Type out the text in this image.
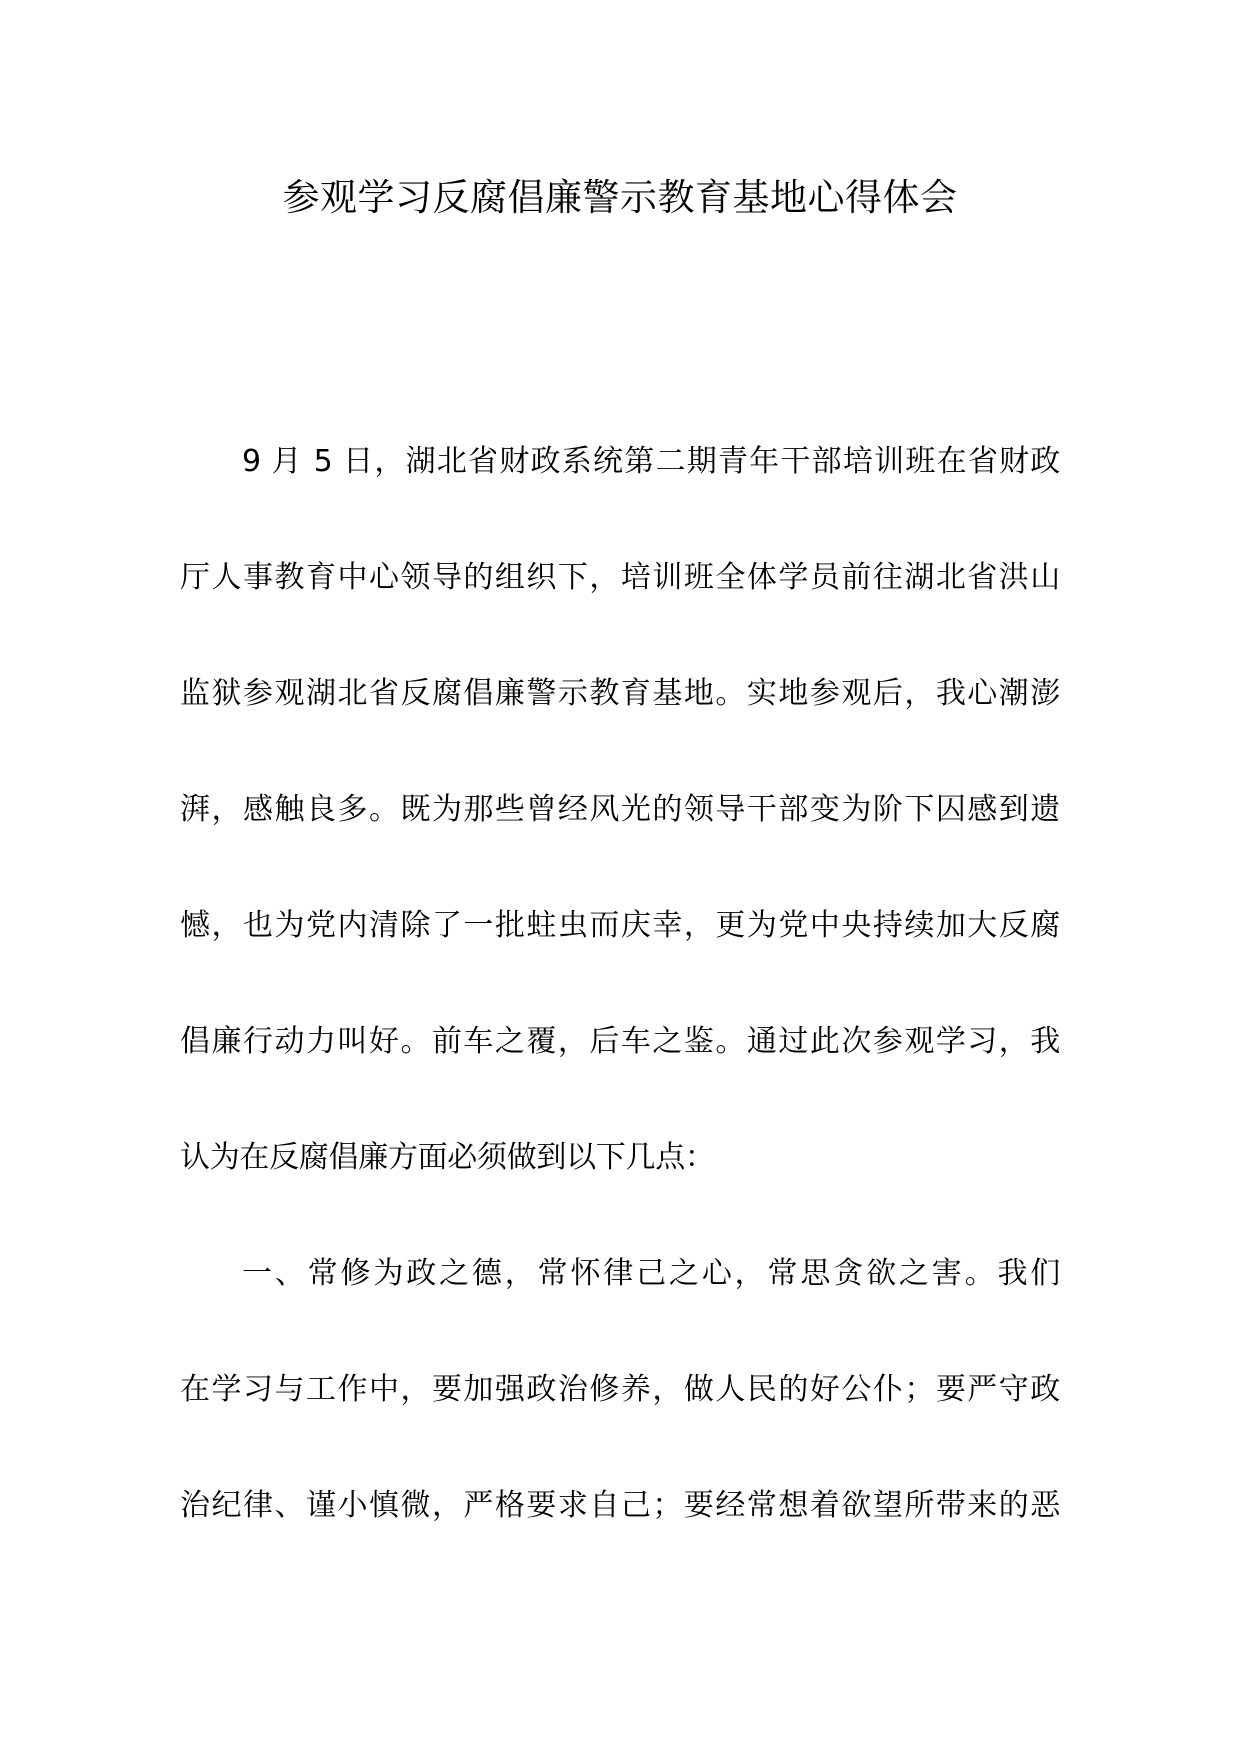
参观学习反腐倡廉警示教育基地心得体会
9 月 5 日，湖北省财政系统第二期青年干部培训班在省财政
厅人事教育中心领导的组织下，培训班全体学员前往湖北省洪山
监狱参观湖北省反腐倡廉警示教育基地。实地参观后，我心潮澎
湃，感触良多。既为那些曾经风光的领导干部变为阶下囚感到遗
憾，也为党内清除了一批蛀虫而庆幸，更为党中央持续加大反腐
倡廉行动力叫好。前车之覆，后车之鉴。通过此次参观学习，我
认为在反腐倡廉方面必须做到以下几点：
一、常修为政之德，常怀律己之心，常思贪欲之害。我们
在学习与工作中，要加强政治修养，做人民的好公仆；要严守政
治纪律、谨小慎微，严格要求自己；要经常想着欲望所带来的恶
